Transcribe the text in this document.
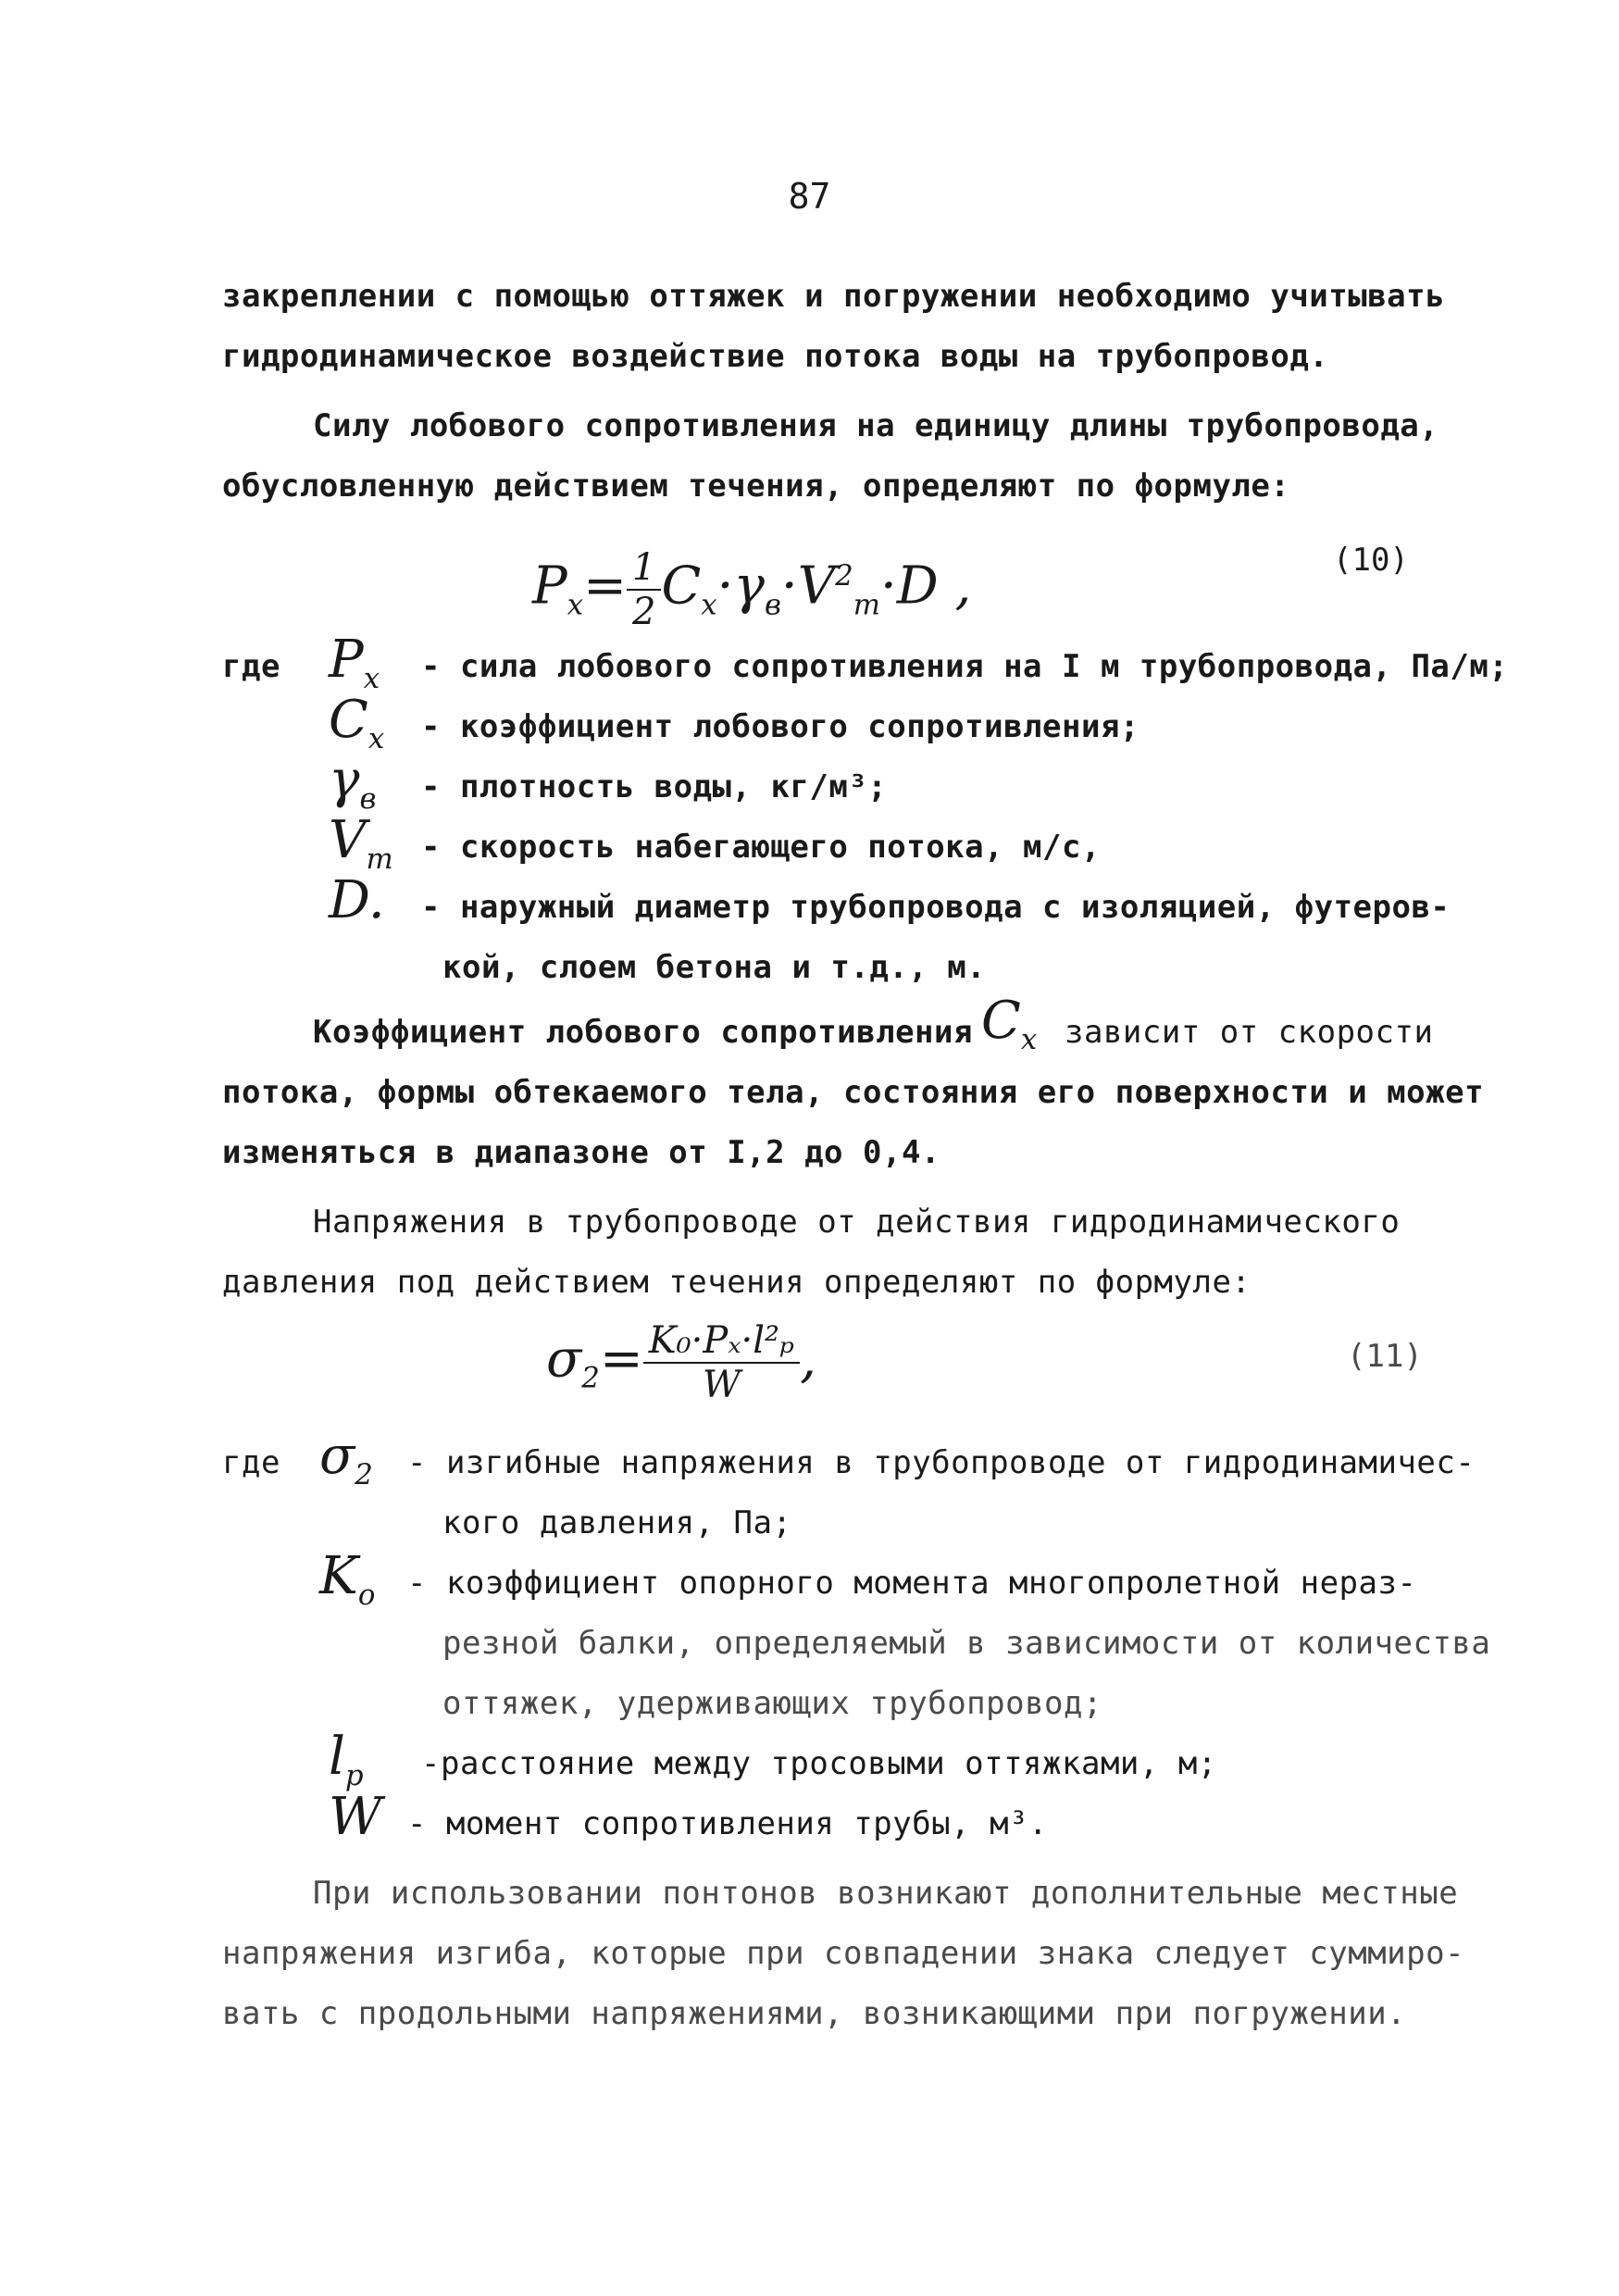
87
закреплении с помощью оттяжек и погружении необходимо учитывать
гидродинамическое воздействие потока воды на трубопровод.
Силу лобового сопротивления на единицу длины трубопровода,
обусловленную действием течения, определяют по формуле:
$P_x= \frac{1}{2} C_x\cdot\gamma_в\cdot V^2_т\cdot D$ ,	(10)
где $P_x$ - сила лобового сопротивления на I м трубопровода, Па/м;
$C_x$ - коэффициент лобового сопротивления;
$\gamma_в$ - плотность воды, кг/м³;
$V_т$ - скорость набегающего потока, м/с,
D. - наружный диаметр трубопровода с изоляцией, футеров-
кой, слоем бетона и т.д., м.
Коэффициент лобового сопротивления $C_x$ зависит от скорости
потока, формы обтекаемого тела, состояния его поверхности и может
изменяться в диапазоне от I,2 до 0,4.
Напряжения в трубопроводе от действия гидродинамического
давления под действием течения определяют по формуле:
$\sigma_2= \frac{\text{K₀·Pₓ·l²ₚ}}{W}$ ,	(11)
где $\sigma_2$ - изгибные напряжения в трубопроводе от гидродинамичес-
кого давления, Па;
$K_o$ - коэффициент опорного момента многопролетной нераз-
резной балки, определяемый в зависимости от количества
оттяжек, удерживающих трубопровод;
$l_p$ -расстояние между тросовыми оттяжками, м;
W - момент сопротивления трубы, м³.
При использовании понтонов возникают дополнительные местные
напряжения изгиба, которые при совпадении знака следует суммиро-
вать с продольными напряжениями, возникающими при погружении.
